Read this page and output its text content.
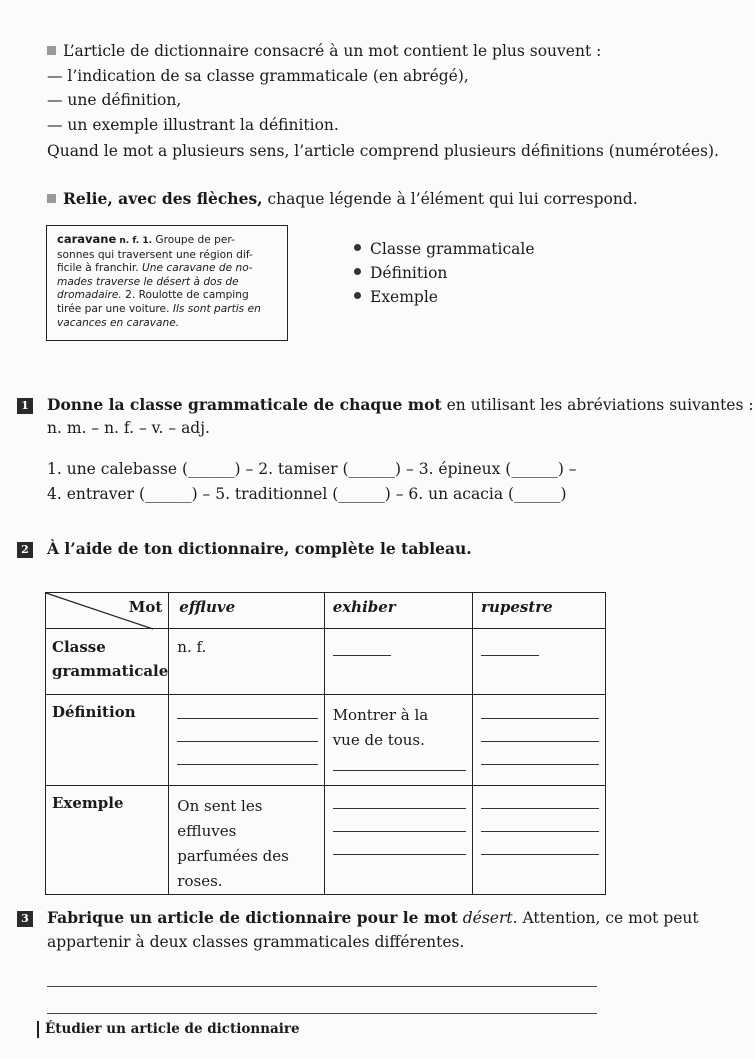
L’article de dictionnaire consacré à un mot contient le plus souvent :
— l’indication de sa classe grammaticale (en abrégé),
— une définition,
— un exemple illustrant la définition.
Quand le mot a plusieurs sens, l’article comprend plusieurs définitions (numérotées).
Relie, avec des flèches, chaque légende à l’élément qui lui correspond.
caravane n. f. 1. Groupe de per-
sonnes qui traversent une région dif-
ficile à franchir. Une caravane de no-
mades traverse le désert à dos de
dromadaire. 2. Roulotte de camping
tirée par une voiture. Ils sont partis en
vacances en caravane.
Classe grammaticale
Définition
Exemple
1 Donne la classe grammaticale de chaque mot en utilisant les abréviations suivantes :
n. m. – n. f. – v. – adj.
1. une calebasse (______) – 2. tamiser (______) – 3. épineux (______) –
4. entraver (______) – 5. traditionnel (______) – 6. un acacia (______)
2 À l’aide de ton dictionnaire, complète le tableau.
Mot	effluve	exhiber	rupestre
Classe grammaticale	n. f.	

Définition		Montrer à la vue de tous.	

Exemple	On sent les effluves parfumées des roses.		

3 Fabrique un article de dictionnaire pour le mot désert. Attention, ce mot peut
appartenir à deux classes grammaticales différentes.
Étudier un article de dictionnaire
